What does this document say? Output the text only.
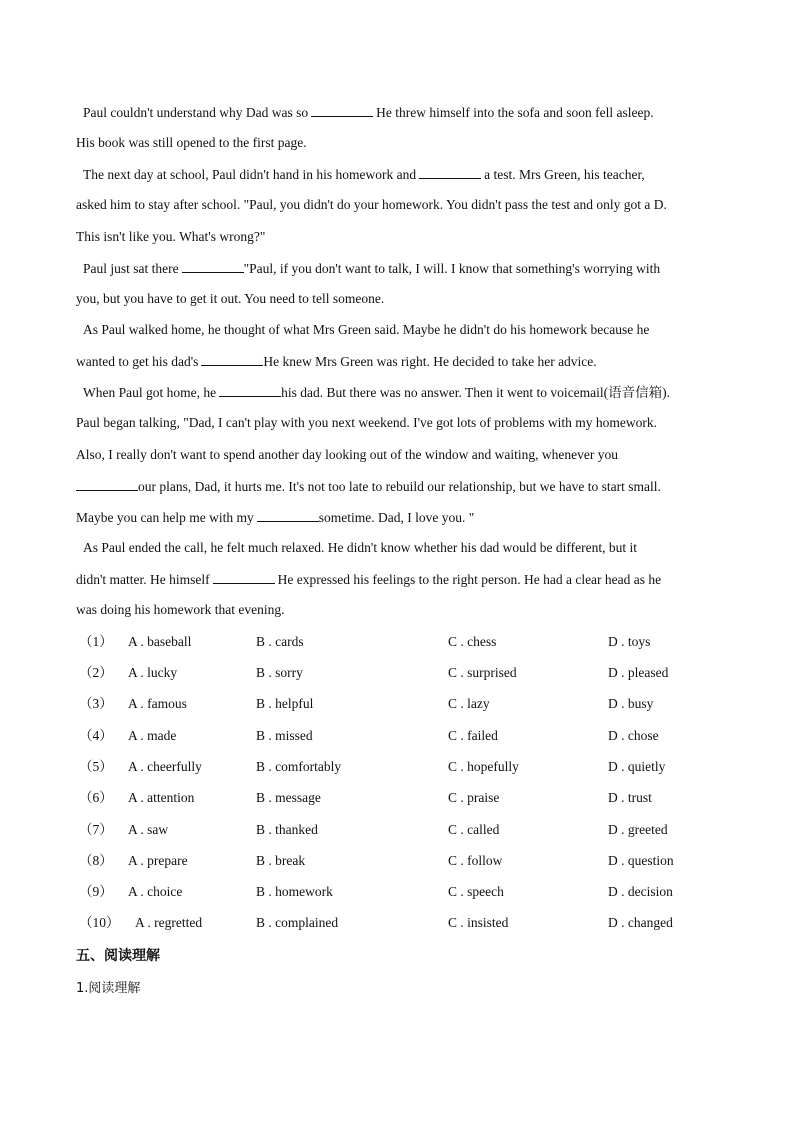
Paul couldn't understand why Dad was so	He threw himself into the sofa and soon fell asleep.
His book was still opened to the first page.
The next day at school, Paul didn't hand in his homework and	a test. Mrs Green, his teacher,
asked him to stay after school. "Paul, you didn't do your homework. You didn't pass the test and only got a D.
This isn't like you. What's wrong?"
Paul just sat there	"Paul, if you don't want to talk, I will. I know that something's worrying with
you, but you have to get it out. You need to tell someone.
As Paul walked home, he thought of what Mrs Green said. Maybe he didn't do his homework because he
wanted to get his dad's	He knew Mrs Green was right. He decided to take her advice.
When Paul got home, he	his dad. But there was no answer. Then it went to voicemail(语音信箱).
Paul began talking, "Dad, I can't play with you next weekend. I've got lots of problems with my homework.
Also, I really don't want to spend another day looking out of the window and waiting, whenever you
our plans, Dad, it hurts me. It's not too late to rebuild our relationship, but we have to start small.
Maybe you can help me with my	sometime. Dad, I love you. "
As Paul ended the call, he felt much relaxed. He didn't know whether his dad would be different, but it
didn't matter. He himself	He expressed his feelings to the right person. He had a clear head as he
was doing his homework that evening.
（1） A . baseball	B . cards	C . chess	D . toys
（2） A . lucky	B . sorry	C . surprised	D . pleased
（3） A . famous	B . helpful	C . lazy	D . busy
（4） A . made	B . missed	C . failed	D . chose
（5） A . cheerfully	B . comfortably	C . hopefully	D . quietly
（6） A . attention	B . message	C . praise	D . trust
（7） A . saw	B . thanked	C . called	D . greeted
（8） A . prepare	B . break	C . follow	D . question
（9） A . choice	B . homework	C . speech	D . decision
（10） A . regretted	B . complained	C . insisted	D . changed
五、阅读理解
1.阅读理解
